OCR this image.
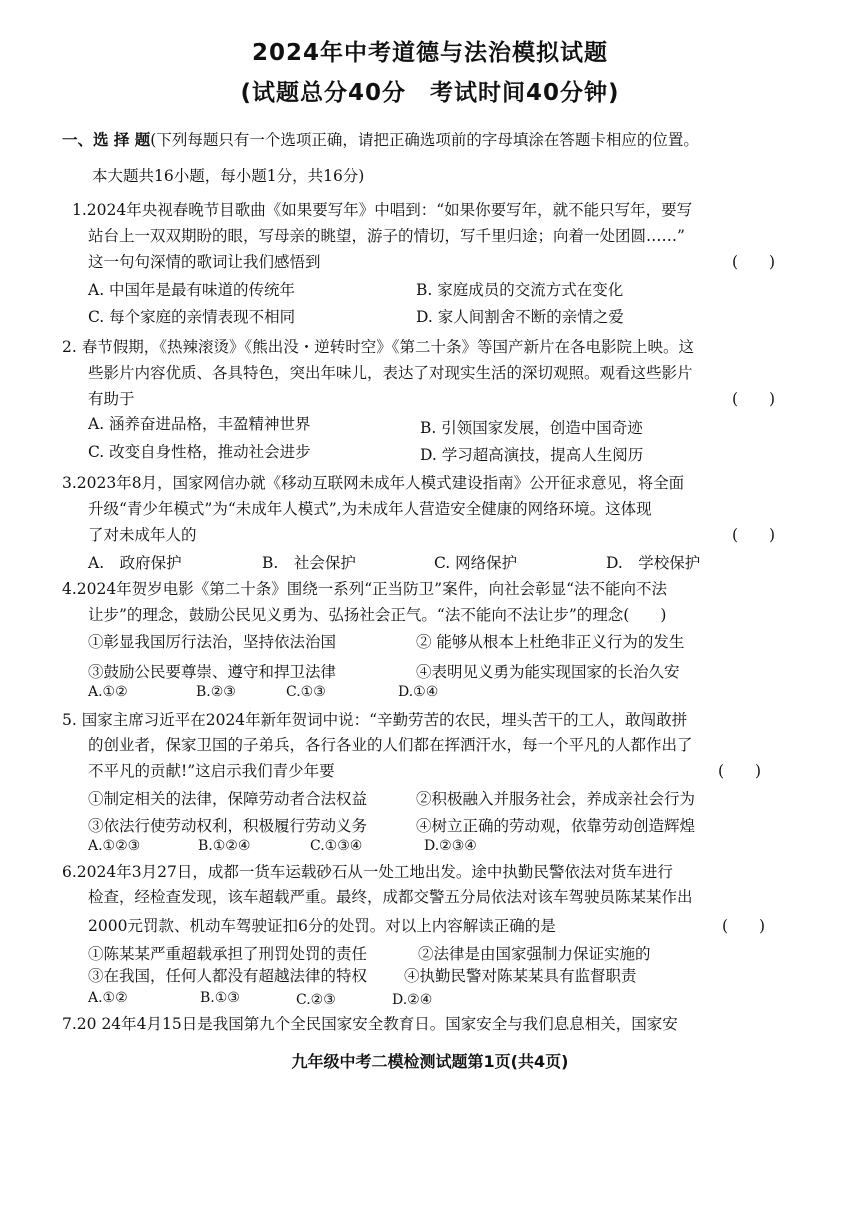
2024年中考道德与法治模拟试题
(试题总分40分　考试时间40分钟)
一、选 择 题(下列每题只有一个选项正确，请把正确选项前的字母填涂在答题卡相应的位置。
本大题共16小题，每小题1分，共16分)
1.2024年央视春晚节目歌曲《如果要写年》中唱到：“如果你要写年，就不能只写年，要写
站台上一双双期盼的眼，写母亲的眺望，游子的情切，写千里归途；向着一处团圆……”
这一句句深情的歌词让我们感悟到	(　　)
A. 中国年是最有味道的传统年	B. 家庭成员的交流方式在变化
C. 每个家庭的亲情表现不相同	D. 家人间割舍不断的亲情之爱
2. 春节假期，《热辣滚烫》《熊出没・逆转时空》《第二十条》等国产新片在各电影院上映。这
些影片内容优质、各具特色，突出年味儿，表达了对现实生活的深切观照。观看这些影片
有助于	(　　)
A. 涵养奋进品格，丰盈精神世界	B. 引领国家发展，创造中国奇迹
C. 改变自身性格，推动社会进步	D. 学习超高演技，提高人生阅历
3.2023年8月，国家网信办就《移动互联网未成年人模式建设指南》公开征求意见，将全面
升级“青少年模式”为“未成年人模式”,为未成年人营造安全健康的网络环境。这体现
了对未成年人的	(　　)
A.　政府保护	B.　社会保护	C. 网络保护	D.　学校保护
4.2024年贺岁电影《第二十条》围绕一系列“正当防卫”案件，向社会彰显“法不能向不法
让步”的理念，鼓励公民见义勇为、弘扬社会正气。“法不能向不法让步”的理念(　　)
①彰显我国厉行法治，坚持依法治国	② 能够从根本上杜绝非正义行为的发生
③鼓励公民要尊崇、遵守和捍卫法律	④表明见义勇为能实现国家的长治久安
A.①②	B.②③	C.①③	D.①④
5. 国家主席习近平在2024年新年贺词中说：“辛勤劳苦的农民，埋头苦干的工人，敢闯敢拼
的创业者，保家卫国的子弟兵，各行各业的人们都在挥洒汗水，每一个平凡的人都作出了
不平凡的贡献!”这启示我们青少年要	(　　)
①制定相关的法律，保障劳动者合法权益	②积极融入并服务社会，养成亲社会行为
③依法行使劳动权利，积极履行劳动义务	④树立正确的劳动观，依靠劳动创造辉煌
A.①②③	B.①②④	C.①③④	D.②③④
6.2024年3月27日，成都一货车运载砂石从一处工地出发。途中执勤民警依法对货车进行
检查，经检查发现，该车超载严重。最终，成都交警五分局依法对该车驾驶员陈某某作出
2000元罚款、机动车驾驶证扣6分的处罚。对以上内容解读正确的是	(　　)
①陈某某严重超载承担了刑罚处罚的责任	②法律是由国家强制力保证实施的
③在我国，任何人都没有超越法律的特权 ④执勤民警对陈某某具有监督职责
A.①②	B.①③	C.②③	D.②④
7.20 24年4月15日是我国第九个全民国家安全教育日。国家安全与我们息息相关，国家安
九年级中考二模检测试题第1页(共4页)
